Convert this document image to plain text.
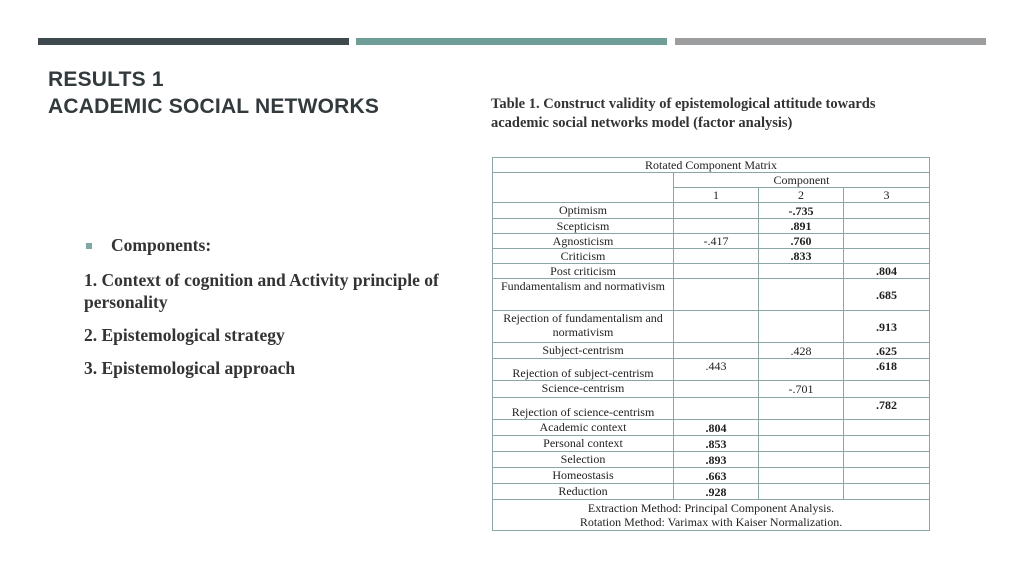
RESULTS 1
ACADEMIC SOCIAL NETWORKS	Table 1. Construct validity of epistemological attitude towards academic social networks model (factor analysis)
Components:

1. Context of cognition and Activity principle of personality

2. Epistemological strategy

3. Epistemological approach

Rotated Component Matrix			
	Component		
	1	2	3
Optimism		-.735	
Scepticism		.891	
Agnosticism	-.417	.760	
Criticism		.833	
Post criticism			.804
Fundamentalism and normativism			.685
Rejection of fundamentalism and normativism			.913
Subject-centrism		.428	.625
Rejection of subject-centrism	.443		.618
Science-centrism		-.701	
Rejection of science-centrism			.782
Academic context	.804		
Personal context	.853		
Selection	.893		
Homeostasis	.663		
Reduction	.928		

Extraction Method: Principal Component Analysis.
Rotation Method: Varimax with Kaiser Normalization.			
